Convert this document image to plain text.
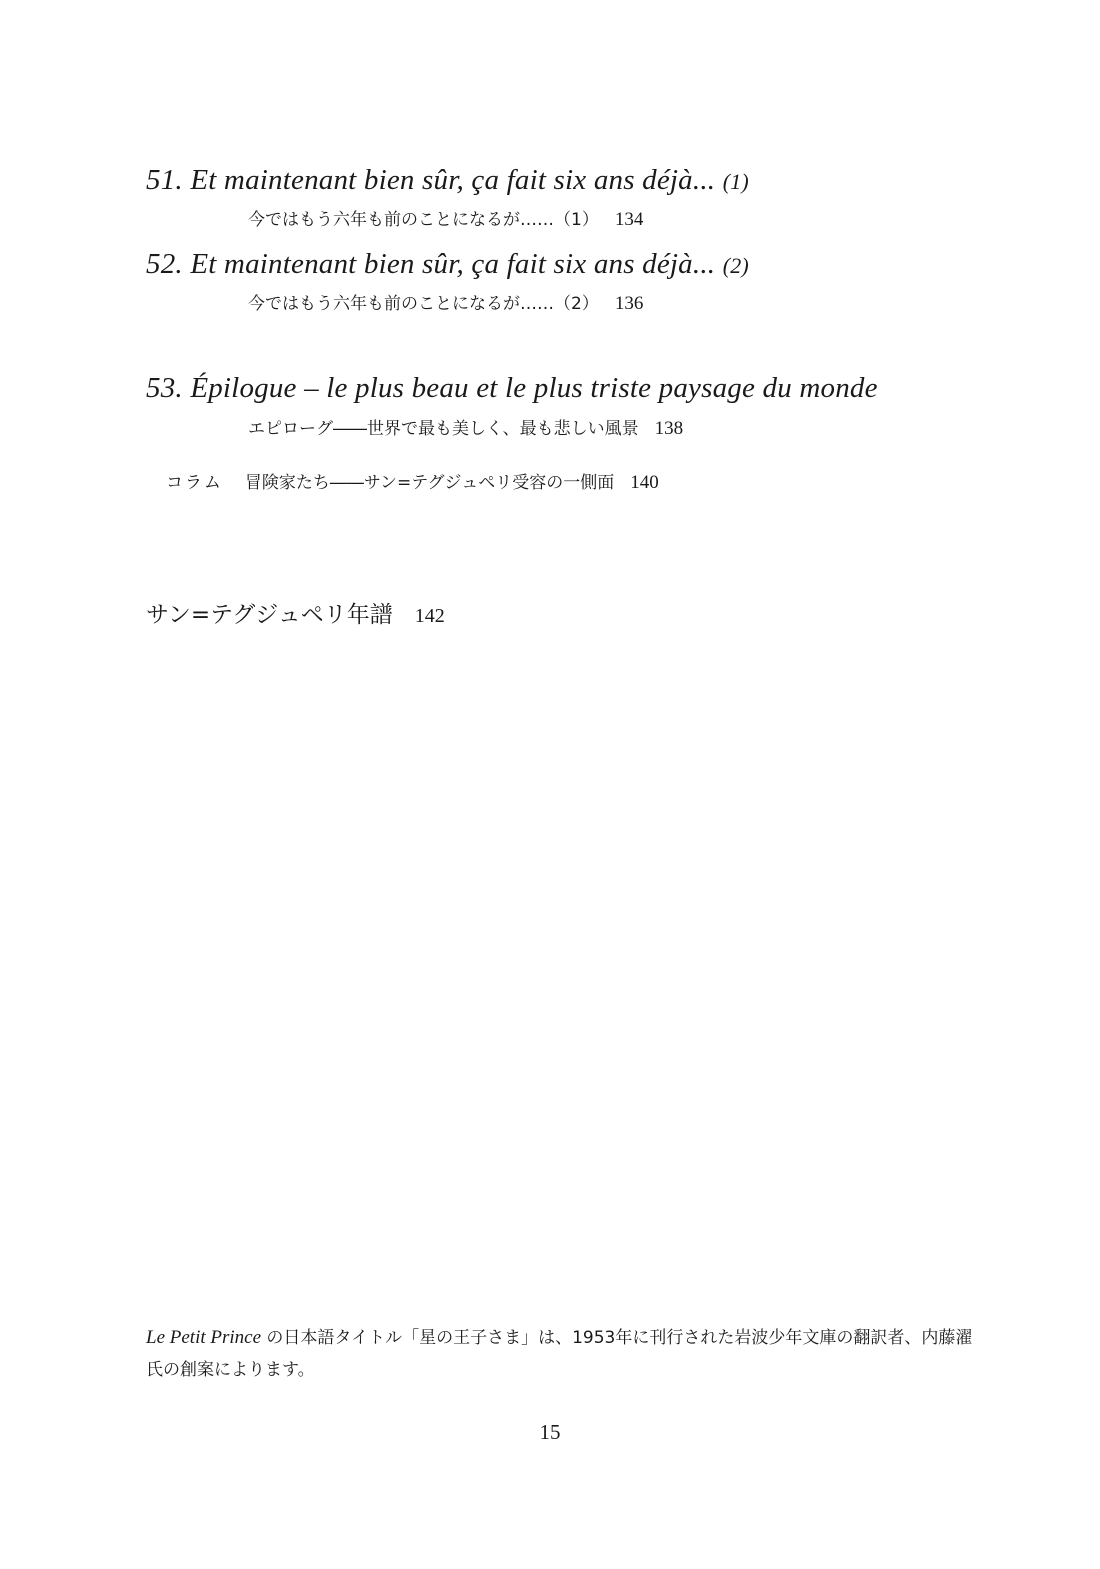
51. Et maintenant bien sûr, ça fait six ans déjà... (1)
今ではもう六年も前のことになるが……（1） 134
52. Et maintenant bien sûr, ça fait six ans déjà... (2)
今ではもう六年も前のことになるが……（2） 136
53. Épilogue – le plus beau et le plus triste paysage du monde
エピローグ――世界で最も美しく、最も悲しい風景 138
コラム 冒険家たち――サン=テグジュペリ受容の一側面 140
サン=テグジュペリ年譜 142
Le Petit Prince の日本語タイトル「星の王子さま」は、1953年に刊行された岩波少年文庫の翻訳者、内藤濯氏の創案によります。
15
